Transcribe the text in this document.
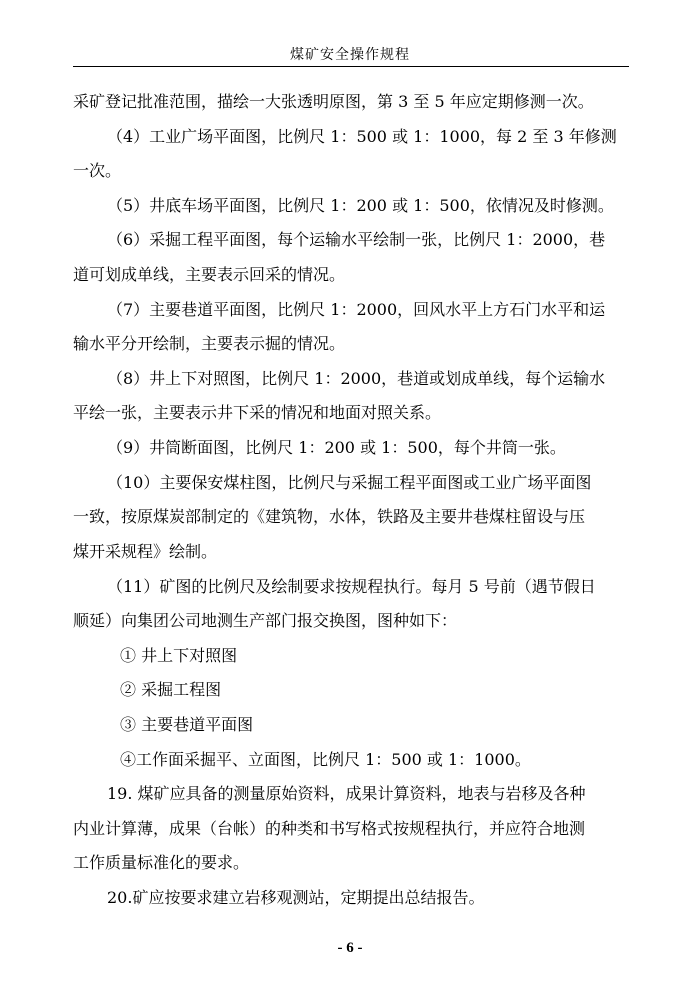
煤矿安全操作规程
采矿登记批准范围，描绘一大张透明原图，第 3 至 5 年应定期修测一次。
（4）工业广场平面图，比例尺 1：500 或 1：1000，每 2 至 3 年修测
一次。
（5）井底车场平面图，比例尺 1：200 或 1：500，依情况及时修测。
（6）采掘工程平面图，每个运输水平绘制一张，比例尺 1：2000，巷
道可划成单线，主要表示回采的情况。
（7）主要巷道平面图，比例尺 1：2000，回风水平上方石门水平和运
输水平分开绘制，主要表示掘的情况。
（8）井上下对照图，比例尺 1：2000，巷道或划成单线，每个运输水
平绘一张，主要表示井下采的情况和地面对照关系。
（9）井筒断面图，比例尺 1：200 或 1：500，每个井筒一张。
（10）主要保安煤柱图，比例尺与采掘工程平面图或工业广场平面图
一致，按原煤炭部制定的《建筑物，水体，铁路及主要井巷煤柱留设与压
煤开采规程》绘制。
（11）矿图的比例尺及绘制要求按规程执行。每月 5 号前（遇节假日
顺延）向集团公司地测生产部门报交换图，图种如下：
① 井上下对照图
② 采掘工程图
③ 主要巷道平面图
④工作面采掘平、立面图，比例尺 1：500 或 1：1000。
19. 煤矿应具备的测量原始资料，成果计算资料，地表与岩移及各种
内业计算薄，成果（台帐）的种类和书写格式按规程执行，并应符合地测
工作质量标准化的要求。
20.矿应按要求建立岩移观测站，定期提出总结报告。
- 6 -
